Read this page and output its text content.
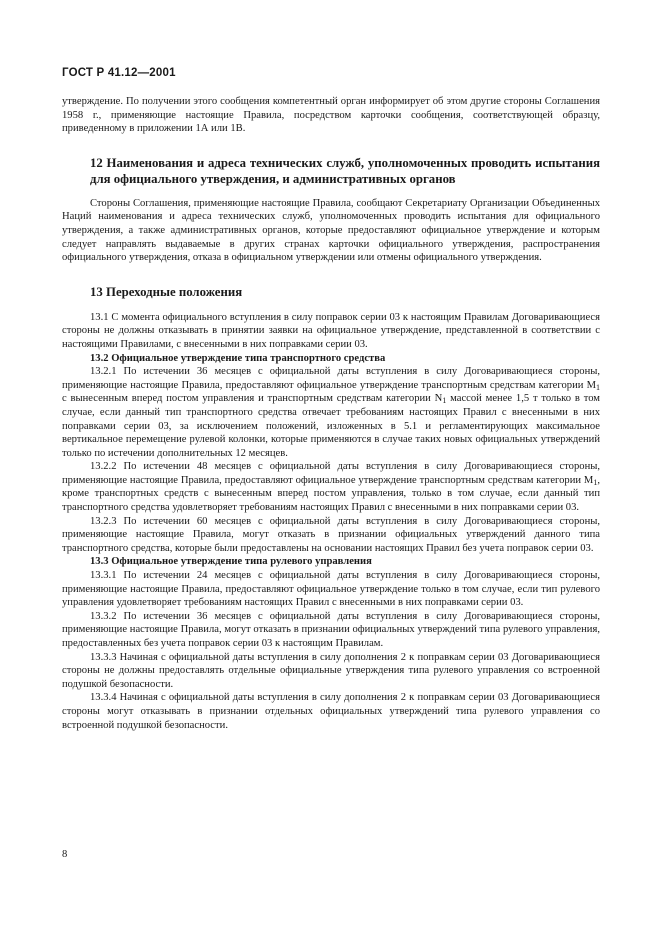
ГОСТ Р 41.12—2001

утверждение. По получении этого сообщения компетентный орган информирует об этом другие стороны Соглашения 1958 г., применяющие настоящие Правила, посредством карточки сообщения, соответствующей образцу, приведенному в приложении 1А или 1В.

12 Наименования и адреса технических служб, уполномоченных проводить испытания для официального утверждения, и административных органов

Стороны Соглашения, применяющие настоящие Правила, сообщают Секретариату Организации Объединенных Наций наименования и адреса технических служб, уполномоченных проводить испытания для официального утверждения, а также административных органов, которые предоставляют официальное утверждение и которым следует направлять выдаваемые в других странах карточки официального утверждения, распространения официального утверждения, отказа в официальном утверждении или отмены официального утверждения.

13 Переходные положения

13.1 С момента официального вступления в силу поправок серии 03 к настоящим Правилам Договаривающиеся стороны не должны отказывать в принятии заявки на официальное утверждение, представленной в соответствии с настоящими Правилами, с внесенными в них поправками серии 03.

13.2 Официальное утверждение типа транспортного средства

13.2.1 По истечении 36 месяцев с официальной даты вступления в силу Договаривающиеся стороны, применяющие настоящие Правила, предоставляют официальное утверждение транспортным средствам категории $M_1$ с вынесенным вперед постом управления и транспортным средствам категории $N_1$ массой менее 1,5 т только в том случае, если данный тип транспортного средства отвечает требованиям настоящих Правил с внесенными в них поправками серии 03, за исключением положений, изложенных в 5.1 и регламентирующих максимальное вертикальное перемещение рулевой колонки, которые применяются в случае таких новых официальных утверждений только по истечении дополнительных 12 месяцев.

13.2.2 По истечении 48 месяцев с официальной даты вступления в силу Договаривающиеся стороны, применяющие настоящие Правила, предоставляют официальное утверждение транспортным средствам категории $M_1$, кроме транспортных средств с вынесенным вперед постом управления, только в том случае, если данный тип транспортного средства удовлетворяет требованиям настоящих Правил с внесенными в них поправками серии 03.

13.2.3 По истечении 60 месяцев с официальной даты вступления в силу Договаривающиеся стороны, применяющие настоящие Правила, могут отказать в признании официальных утверждений данного типа транспортного средства, которые были предоставлены на основании настоящих Правил без учета поправок серии 03.

13.3 Официальное утверждение типа рулевого управления

13.3.1 По истечении 24 месяцев с официальной даты вступления в силу Договаривающиеся стороны, применяющие настоящие Правила, предоставляют официальное утверждение только в том случае, если тип рулевого управления удовлетворяет требованиям настоящих Правил с внесенными в них поправками серии 03.

13.3.2 По истечении 36 месяцев с официальной даты вступления в силу Договаривающиеся стороны, применяющие настоящие Правила, могут отказать в признании официальных утверждений типа рулевого управления, предоставленных без учета поправок серии 03 к настоящим Правилам.

13.3.3 Начиная с официальной даты вступления в силу дополнения 2 к поправкам серии 03 Договаривающиеся стороны не должны предоставлять отдельные официальные утверждения типа рулевого управления со встроенной подушкой безопасности.

13.3.4 Начиная с официальной даты вступления в силу дополнения 2 к поправкам серии 03 Договаривающиеся стороны могут отказывать в признании отдельных официальных утверждений типа рулевого управления со встроенной подушкой безопасности.

8
